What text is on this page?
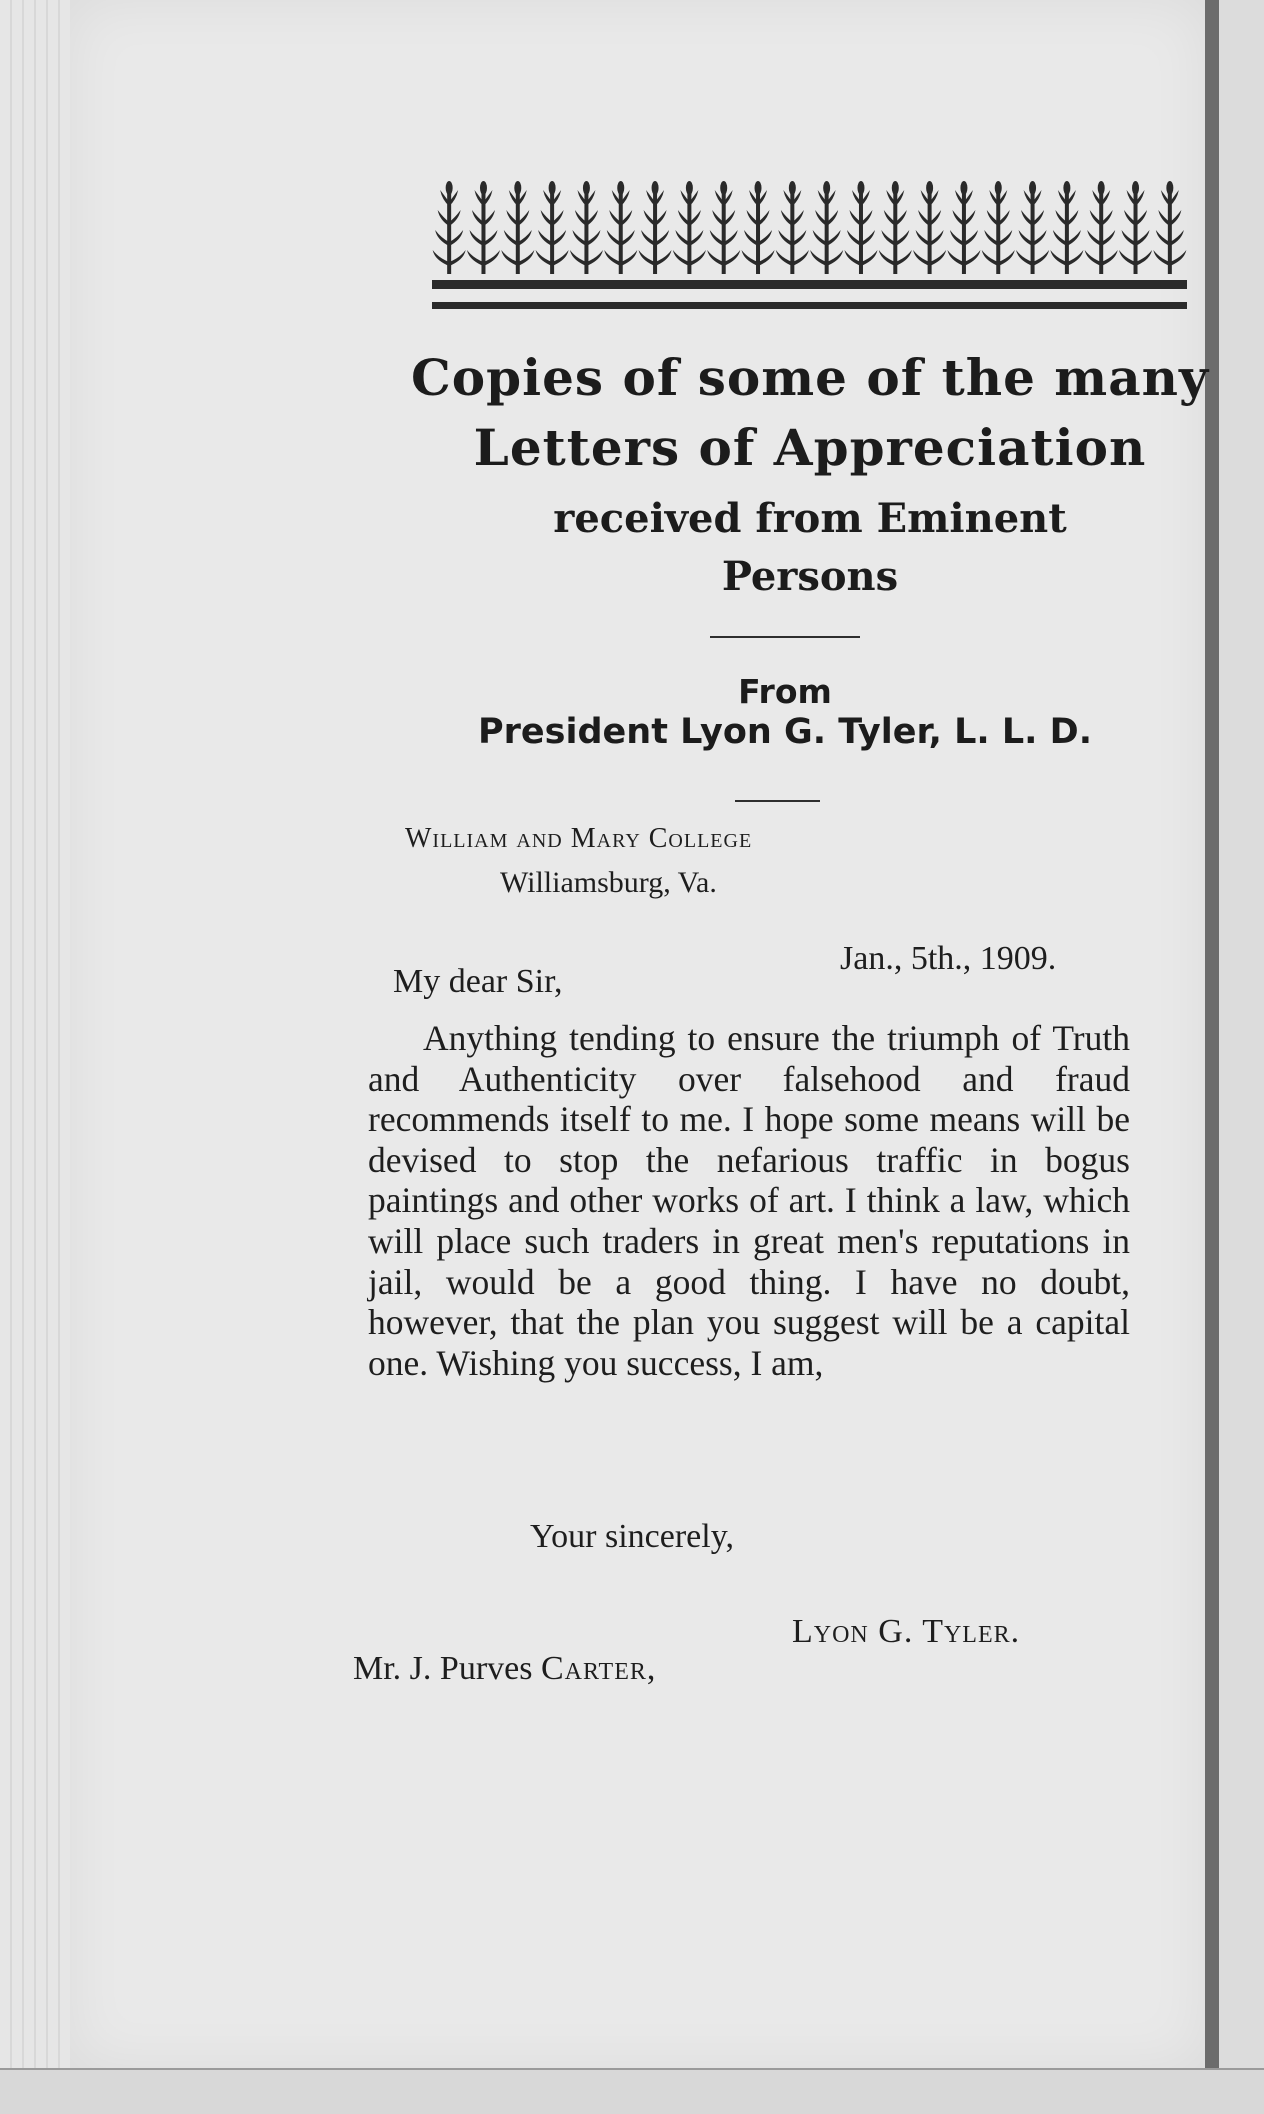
Copies of some of the many
Letters of Appreciation
received from Eminent
Persons
From
President Lyon G. Tyler, L. L. D.
William and Mary College
Williamsburg, Va.
Jan., 5th., 1909.
My dear Sir,

Anything tending to ensure the triumph of Truth and Authenticity over falsehood and fraud recommends itself to me. I hope some means will be devised to stop the nefarious traffic in bogus paintings and other works of art. I think a law, which will place such traders in great men's reputations in jail, would be a good thing. I have no doubt, however, that the plan you suggest will be a capital one. Wishing you success, I am,

Your sincerely,
Lyon G. Tyler.
Mr. J. Purves Carter,
